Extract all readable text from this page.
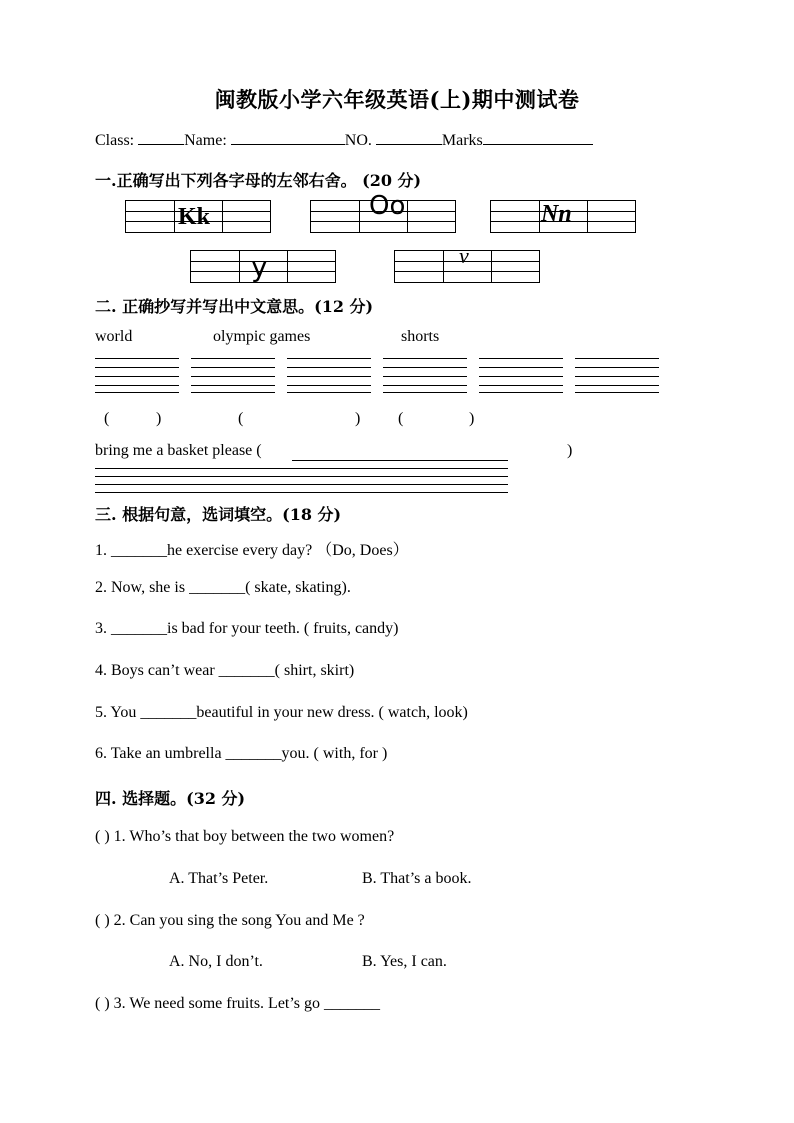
闽教版小学六年级英语(上)期中测试卷
Class:	Name:	NO.	Marks
一.正确写出下列各字母的左邻右舍。 (20 分)
Kk	Oo	Nn
y	v
二. 正确抄写并写出中文意思。(12 分)
world	olympic games	shorts
(	)	(	) (	)
bring me a basket please (	)
三. 根据句意，选词填空。(18 分)
1. _______he exercise every day? （Do, Does）
2. Now, she is _______( skate, skating).
3. _______is bad for your teeth. ( fruits, candy)
4. Boys can’t wear _______( shirt, skirt)
5. You _______beautiful in your new dress. ( watch, look)
6. Take an umbrella _______you. ( with, for )
四. 选择题。(32 分)
( ) 1. Who’s that boy between the two women?
A. That’s Peter.	B. That’s a book.
( ) 2. Can you sing the song You and Me ?
A. No, I don’t.	B. Yes, I can.
( ) 3. We need some fruits. Let’s go _______
